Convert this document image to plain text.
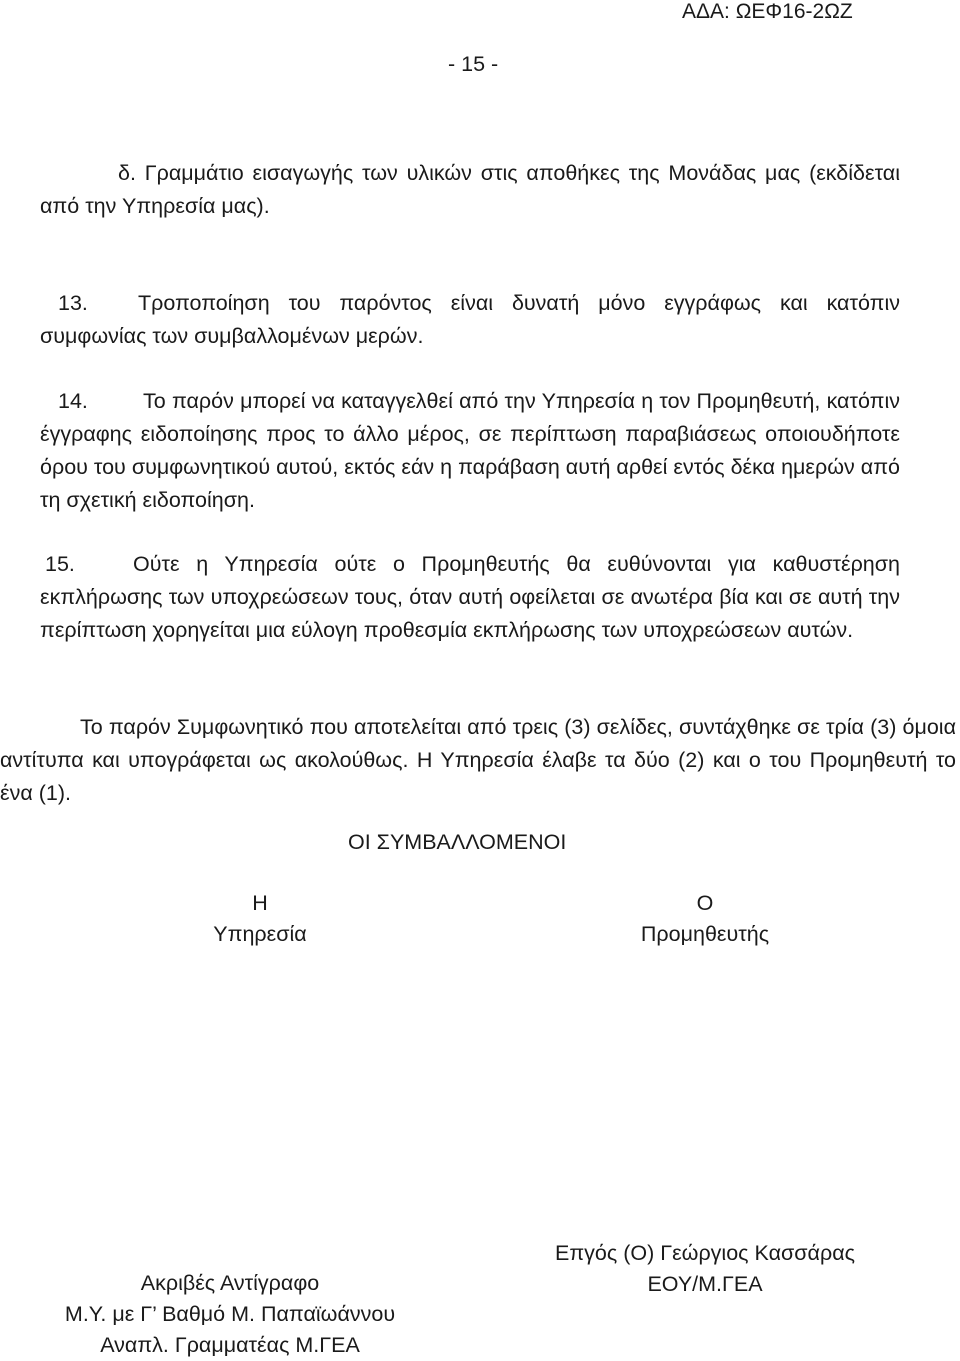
ΑΔΑ: ΩΕΦ16-2ΩΖ
- 15 -

δ. Γραμμάτιο εισαγωγής των υλικών στις αποθήκες της Μονάδας μας (εκδίδεται από την Υπηρεσία μας).

13. Τροποποίηση του παρόντος είναι δυνατή μόνο εγγράφως και κατόπιν συμφωνίας των συμβαλλομένων μερών.

14.	Το παρόν μπορεί να καταγγελθεί από την Υπηρεσία η τον Προμηθευτή, κατόπιν έγγραφης ειδοποίησης προς το άλλο μέρος, σε περίπτωση παραβιάσεως οποιουδήποτε όρου του συμφωνητικού αυτού, εκτός εάν η παράβαση αυτή αρθεί εντός δέκα ημερών από τη σχετική ειδοποίηση.

15.	Ούτε η Υπηρεσία ούτε ο Προμηθευτής θα ευθύνονται για καθυστέρηση εκπλήρωσης των υποχρεώσεων τους, όταν αυτή οφείλεται σε ανωτέρα βία και σε αυτή την περίπτωση χορηγείται μια εύλογη προθεσμία εκπλήρωσης των υποχρεώσεων αυτών.

Το παρόν Συμφωνητικό που αποτελείται από τρεις (3) σελίδες, συντάχθηκε σε τρία (3) όμοια αντίτυπα και υπογράφεται ως ακολούθως. Η Υπηρεσία έλαβε τα δύο (2) και ο του Προμηθευτή το ένα (1).

ΟΙ ΣΥΜΒΑΛΛΟΜΕΝΟΙ
Η
Υπηρεσία
Ο
Προμηθευτής
Ακριβές Αντίγραφο
Μ.Υ. με Γ’ Βαθμό Μ. Παπαϊωάννου
Αναπλ. Γραμματέας Μ.ΓΕΑ
Επγός (Ο) Γεώργιος Κασσάρας
ΕΟΥ/Μ.ΓΕΑ
